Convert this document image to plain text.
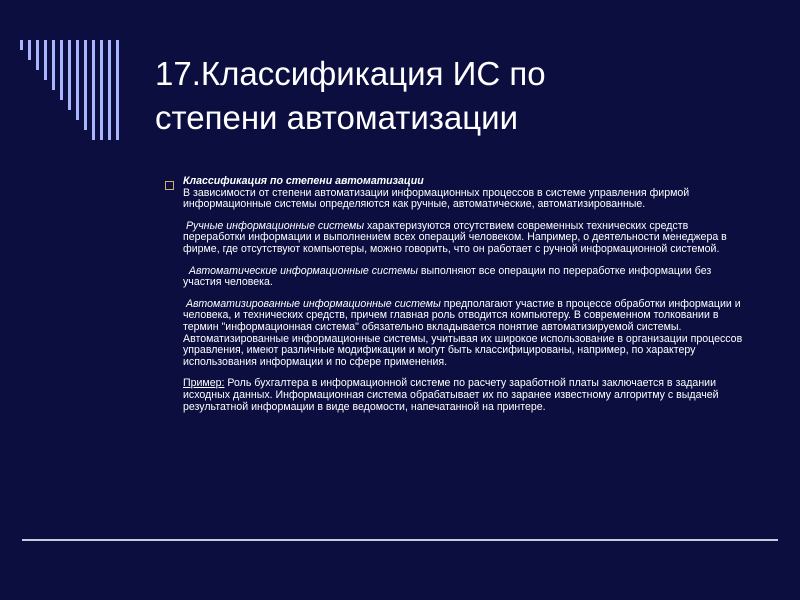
17.Классификация ИС по
степени автоматизации

Классификация по степени автоматизации
В зависимости от степени автоматизации информационных процессов в системе управления фирмой информационные системы определяются как ручные, автоматические, автоматизированные.

Ручные информационные системы характеризуются отсутствием современных технических средств переработки информации и выполнением всех операций человеком. Например, о деятельности менеджера в фирме, где отсутствуют компьютеры, можно говорить, что он работает с ручной информационной системой.

Автоматические информационные системы выполняют все операции по переработке информации без участия человека.

Автоматизированные информационные системы предполагают участие в процессе обработки информации и человека, и технических средств, причем главная роль отводится компьютеру. В современном толковании в термин "информационная система" обязательно вкладывается понятие автоматизируемой системы. Автоматизированные информационные системы, учитывая их широкое использование в организации процессов управления, имеют различные модификации и могут быть классифицированы, например, по характеру использования информации и по сфере применения.

Пример: Роль бухгалтера в информационной системе по расчету заработной платы заключается в задании исходных данных. Информационная система обрабатывает их по заранее известному алгоритму с выдачей результатной информации в виде ведомости, напечатанной на принтере.
